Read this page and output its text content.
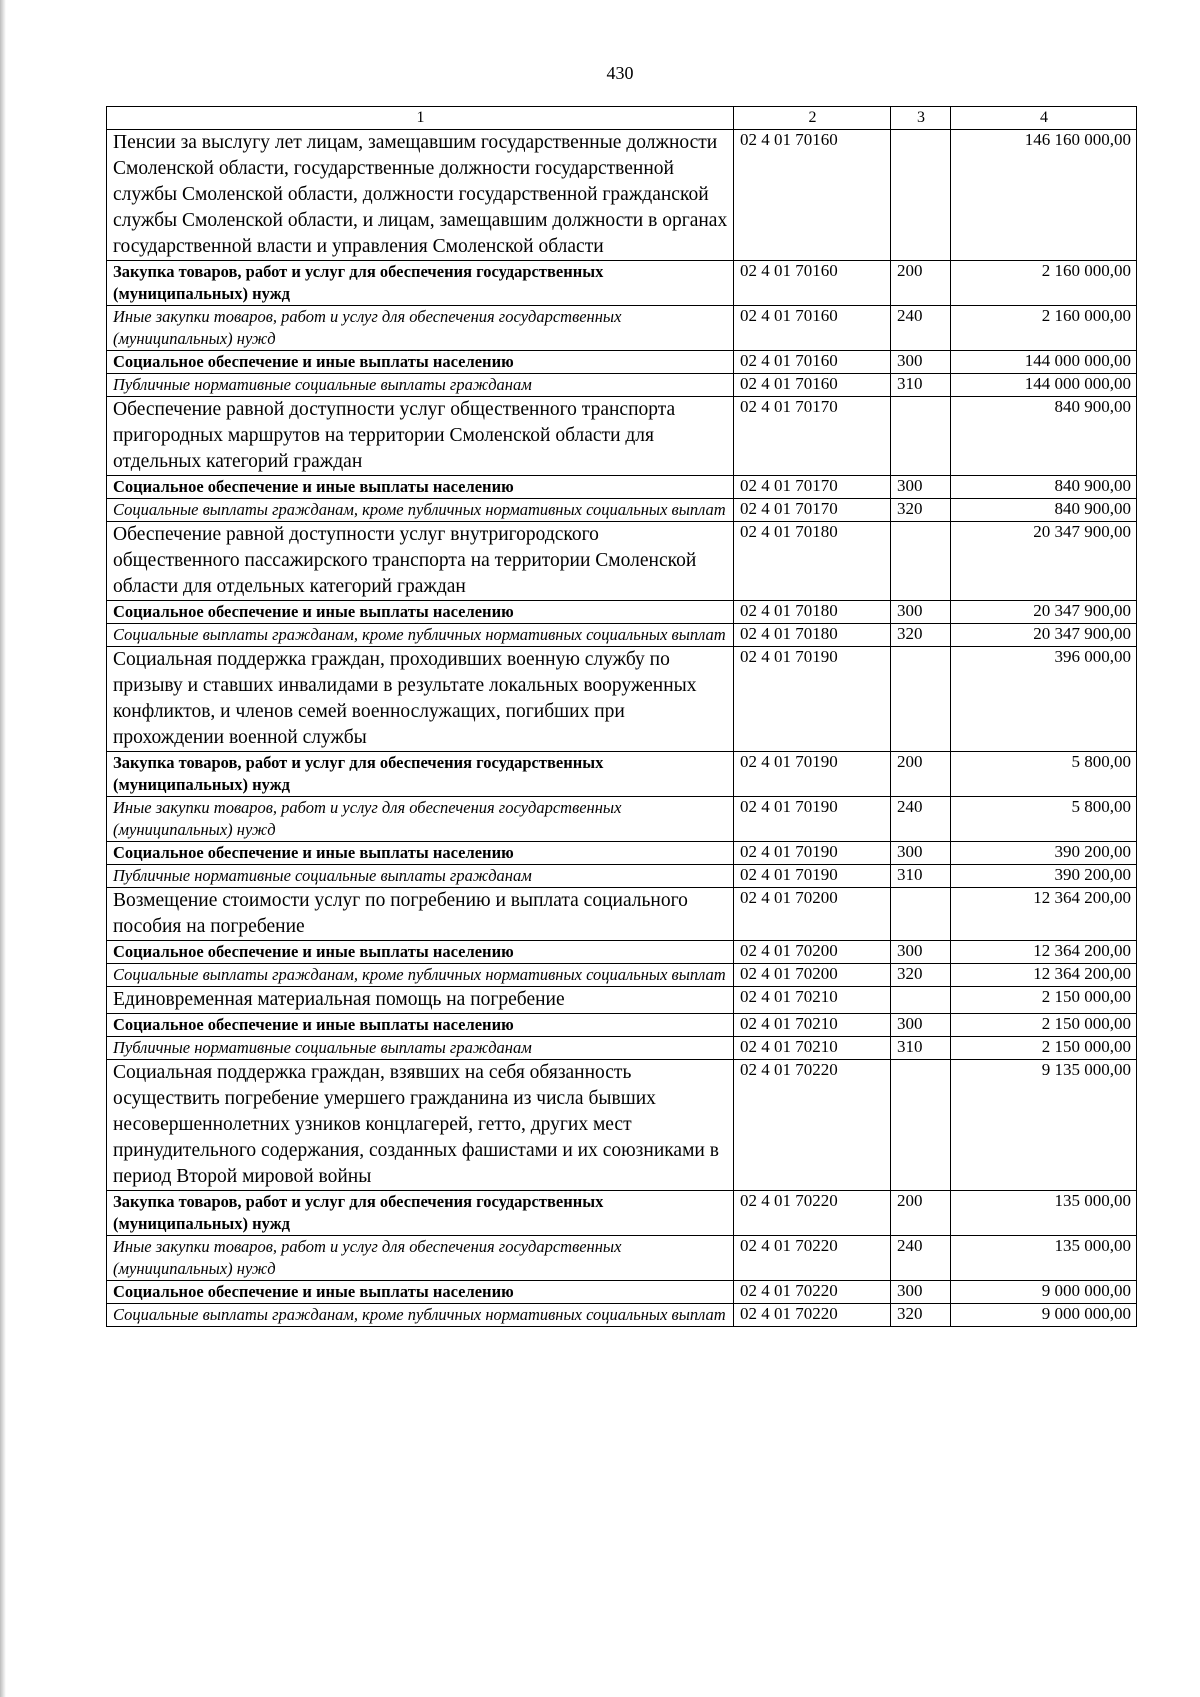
430
1	2	3	4
Пенсии за выслугу лет лицам, замещавшим государственные должности Смоленской области, государственные должности государственной службы Смоленской области, должности государственной гражданской службы Смоленской области, и лицам, замещавшим должности в органах государственной власти и управления Смоленской области	02 4 01 70160		146 160 000,00
Закупка товаров, работ и услуг для обеспечения государственных (муниципальных) нужд	02 4 01 70160	200	2 160 000,00
Иные закупки товаров, работ и услуг для обеспечения государственных (муниципальных) нужд	02 4 01 70160	240	2 160 000,00
Социальное обеспечение и иные выплаты населению	02 4 01 70160	300	144 000 000,00
Публичные нормативные социальные выплаты гражданам	02 4 01 70160	310	144 000 000,00
Обеспечение равной доступности услуг общественного транспорта пригородных маршрутов на территории Смоленской области для отдельных категорий граждан	02 4 01 70170		840 900,00
Социальное обеспечение и иные выплаты населению	02 4 01 70170	300	840 900,00
Социальные выплаты гражданам, кроме публичных нормативных социальных выплат	02 4 01 70170	320	840 900,00
Обеспечение равной доступности услуг внутригородского общественного пассажирского транспорта на территории Смоленской области для отдельных категорий граждан	02 4 01 70180		20 347 900,00
Социальное обеспечение и иные выплаты населению	02 4 01 70180	300	20 347 900,00
Социальные выплаты гражданам, кроме публичных нормативных социальных выплат	02 4 01 70180	320	20 347 900,00
Социальная поддержка граждан, проходивших военную службу по призыву и ставших инвалидами в результате локальных вооруженных конфликтов, и членов семей военнослужащих, погибших при прохождении военной службы	02 4 01 70190		396 000,00
Закупка товаров, работ и услуг для обеспечения государственных (муниципальных) нужд	02 4 01 70190	200	5 800,00
Иные закупки товаров, работ и услуг для обеспечения государственных (муниципальных) нужд	02 4 01 70190	240	5 800,00
Социальное обеспечение и иные выплаты населению	02 4 01 70190	300	390 200,00
Публичные нормативные социальные выплаты гражданам	02 4 01 70190	310	390 200,00
Возмещение стоимости услуг по погребению и выплата социального пособия на погребение	02 4 01 70200		12 364 200,00
Социальное обеспечение и иные выплаты населению	02 4 01 70200	300	12 364 200,00
Социальные выплаты гражданам, кроме публичных нормативных социальных выплат	02 4 01 70200	320	12 364 200,00
Единовременная материальная помощь на погребение	02 4 01 70210		2 150 000,00
Социальное обеспечение и иные выплаты населению	02 4 01 70210	300	2 150 000,00
Публичные нормативные социальные выплаты гражданам	02 4 01 70210	310	2 150 000,00
Социальная поддержка граждан, взявших на себя обязанность осуществить погребение умершего гражданина из числа бывших несовершеннолетних узников концлагерей, гетто, других мест принудительного содержания, созданных фашистами и их союзниками в период Второй мировой войны	02 4 01 70220		9 135 000,00
Закупка товаров, работ и услуг для обеспечения государственных (муниципальных) нужд	02 4 01 70220	200	135 000,00
Иные закупки товаров, работ и услуг для обеспечения государственных (муниципальных) нужд	02 4 01 70220	240	135 000,00
Социальное обеспечение и иные выплаты населению	02 4 01 70220	300	9 000 000,00
Социальные выплаты гражданам, кроме публичных нормативных социальных выплат	02 4 01 70220	320	9 000 000,00
